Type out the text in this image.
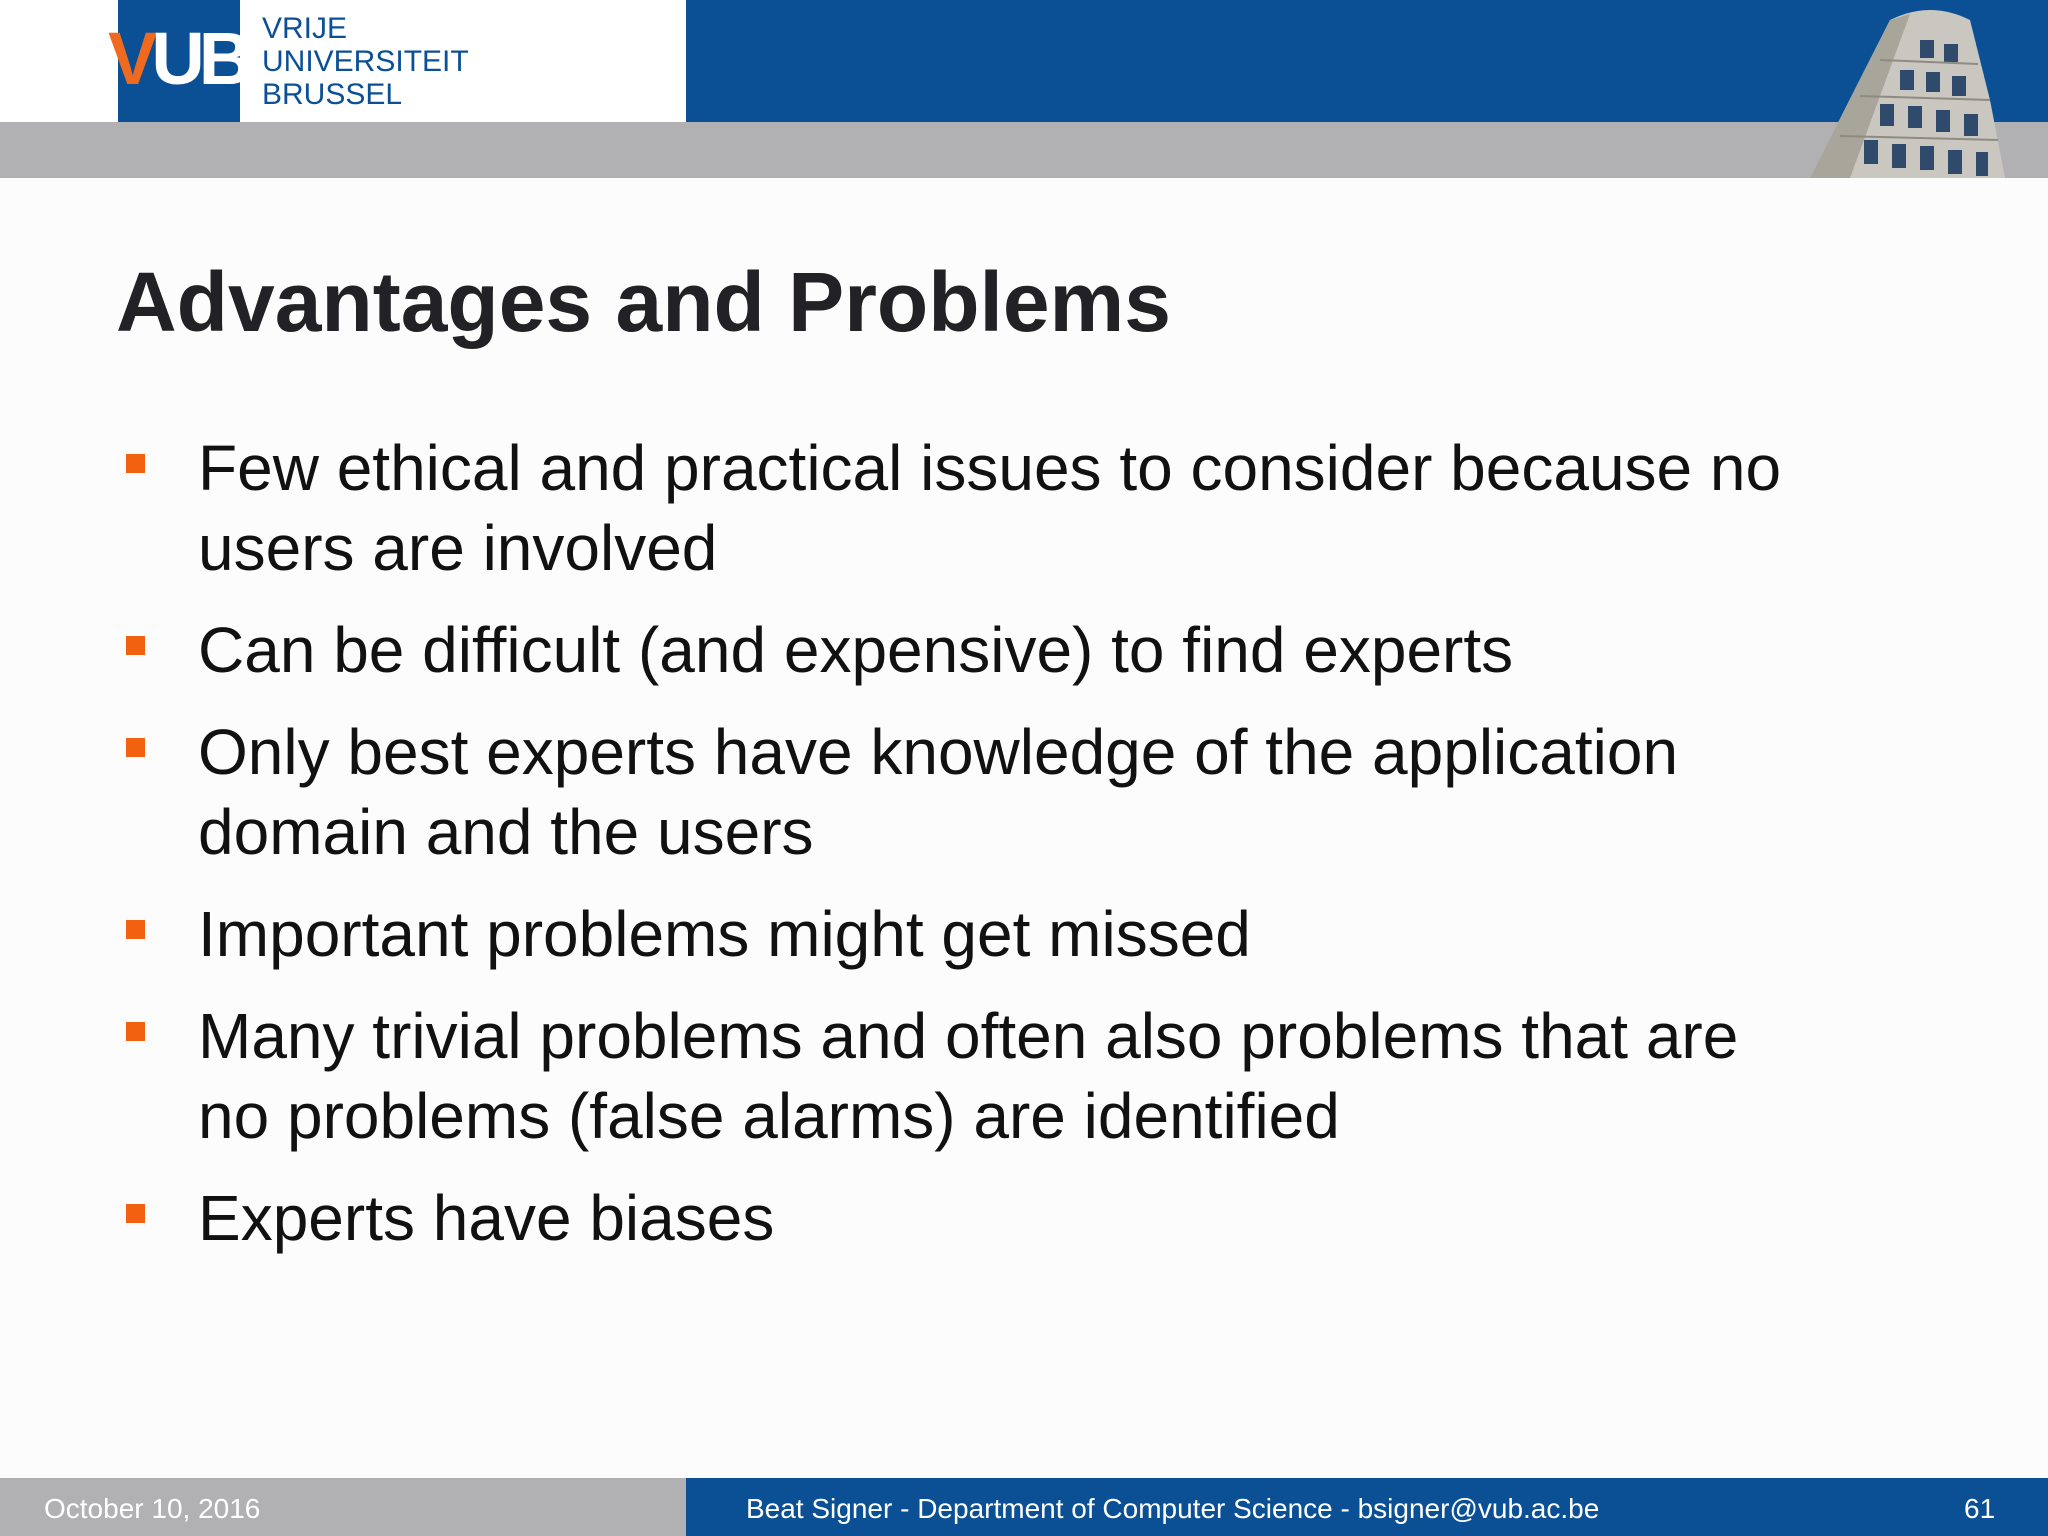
VUB VRIJE
UNIVERSITEIT
BRUSSEL
Advantages and Problems
Few ethical and practical issues to consider because no
users are involved
Can be difficult (and expensive) to find experts
Only best experts have knowledge of the application
domain and the users
Important problems might get missed
Many trivial problems and often also problems that are
no problems (false alarms) are identified
Experts have biases
October 10, 2016	Beat Signer - Department of Computer Science - bsigner@vub.ac.be	61
